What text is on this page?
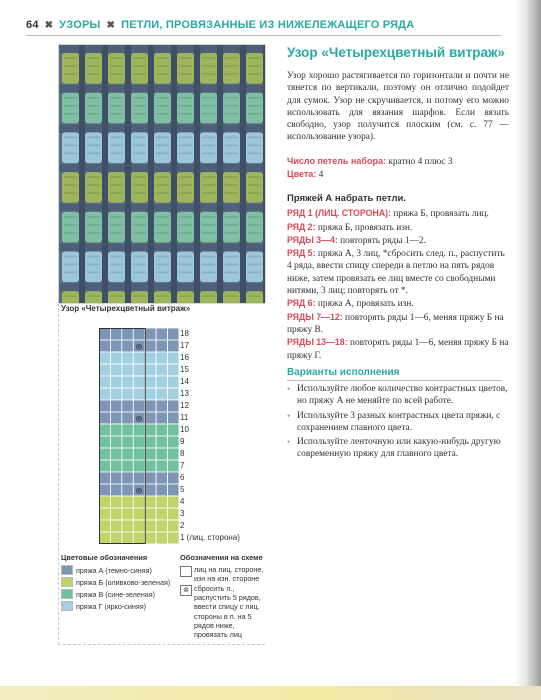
64 ✖ УЗОРЫ ✖ ПЕТЛИ, ПРОВЯЗАННЫЕ ИЗ НИЖЕЛЕЖАЩЕГО РЯДА
Узор «Четырехцветный витраж»
Узор хорошо растягивается по горизонтали и почти не тянется по вертикали, поэтому он отлично подойдет для сумок. Узор не скручивается, и потому его можно использовать для вязания шарфов. Если вязать свободно, узор получится плоским (см. с. 77 — использование узора).
Число петель набора: кратно 4 плюс 3
Цвета: 4
Пряжей А набрать петли.

РЯД 1 (ЛИЦ. СТОРОНА): пряжа Б, провязать лиц.

РЯД 2: пряжа Б, провязать изн.

РЯДЫ 3—4: повторять ряды 1—2.

РЯД 5: пряжа А, 3 лиц, *сбросить след. п., распустить 4 ряда, ввести спицу спереди в петлю на пять рядов ниже, затем провязать ее лиц вместе со свободными нитями, 3 лиц; повторять от *.

РЯД 6: пряжа А, провязать изн.

РЯДЫ 7—12: повторять ряды 1—6, меняя пряжу Б на пряжу В.

РЯДЫ 13—18: повторять ряды 1—6, меняя пряжу Б на пряжу Г.

Варианты исполнения
• Используйте любое количество контрастных цветов, но пряжу А не меняйте по всей работе.
• Используйте 3 разных контрастных цвета пряжи, с сохранением главного цвета.
• Используйте ленточную или какую-нибудь другую современную пряжу для главного цвета.
Узор «Четырехцветный витраж»
⊚
⊚
⊚
18
17
16
15
14
13
12
11
10
9
8
7
6
5
4
3
2
1 (лиц. сторона)
Цветовые обозначения
пряжа А (темно-синяя)
пряжа Б (оливково-зеленая)
пряжа В (сине-зеленая)
пряжа Г (ярко-синяя)
Обозначения на схеме
лиц на лиц. стороне, изн на изн. стороне
⊚ сбросить п., распустить 5 рядов, ввести спицу с лиц. стороны в п. на 5 рядов ниже, провязать лиц
